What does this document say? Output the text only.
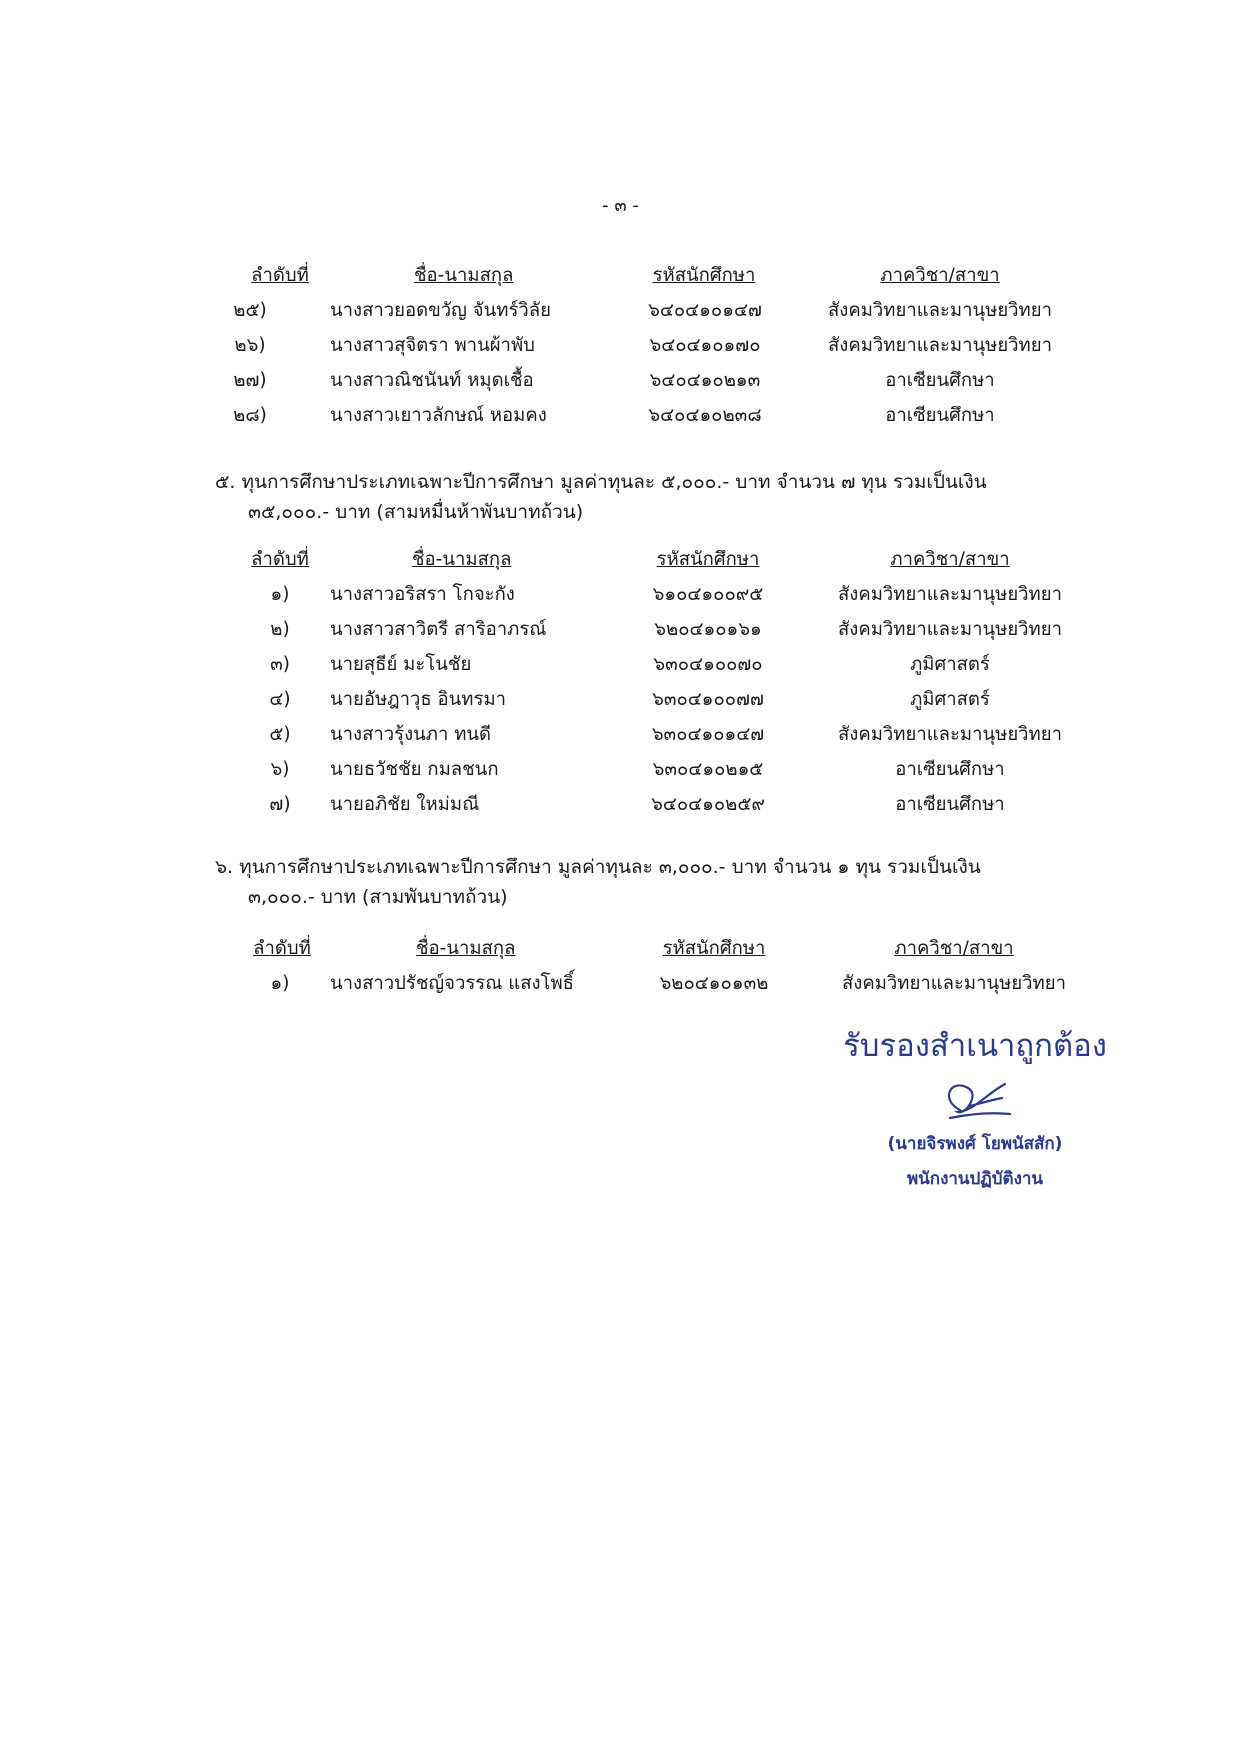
- ๓ -
ลำดับที่	ชื่อ-นามสกุล	รหัสนักศึกษา	ภาควิชา/สาขา
๒๕)	นางสาวยอดขวัญ จันทร์วิลัย	๖๔๐๔๑๐๑๔๗	สังคมวิทยาและมานุษยวิทยา
๒๖)	นางสาวสุจิตรา พานผ้าพับ	๖๔๐๔๑๐๑๗๐	สังคมวิทยาและมานุษยวิทยา
๒๗)	นางสาวณิชนันท์ หมุดเชื้อ	๖๔๐๔๑๐๒๑๓	อาเซียนศึกษา
๒๘)	นางสาวเยาวลักษณ์ หอมคง	๖๔๐๔๑๐๒๓๘	อาเซียนศึกษา
๕. ทุนการศึกษาประเภทเฉพาะปีการศึกษา มูลค่าทุนละ ๕,๐๐๐.- บาท จำนวน ๗ ทุน รวมเป็นเงิน
๓๕,๐๐๐.- บาท (สามหมื่นห้าพันบาทถ้วน)
ลำดับที่	ชื่อ-นามสกุล	รหัสนักศึกษา	ภาควิชา/สาขา
๑)	นางสาวอริสรา โกจะกัง	๖๑๐๔๑๐๐๙๕	สังคมวิทยาและมานุษยวิทยา
๒)	นางสาวสาวิตรี สาริอาภรณ์	๖๒๐๔๑๐๑๖๑	สังคมวิทยาและมานุษยวิทยา
๓)	นายสุธีย์ มะโนชัย	๖๓๐๔๑๐๐๗๐	ภูมิศาสตร์
๔)	นายอัษฎาวุธ อินทรมา	๖๓๐๔๑๐๐๗๗	ภูมิศาสตร์
๕)	นางสาวรุ้งนภา ทนดี	๖๓๐๔๑๐๑๔๗	สังคมวิทยาและมานุษยวิทยา
๖)	นายธวัชชัย กมลชนก	๖๓๐๔๑๐๒๑๕	อาเซียนศึกษา
๗)	นายอภิชัย ใหม่มณี	๖๔๐๔๑๐๒๕๙	อาเซียนศึกษา
๖. ทุนการศึกษาประเภทเฉพาะปีการศึกษา มูลค่าทุนละ ๓,๐๐๐.- บาท จำนวน ๑ ทุน รวมเป็นเงิน
๓,๐๐๐.- บาท (สามพันบาทถ้วน)
ลำดับที่	ชื่อ-นามสกุล	รหัสนักศึกษา	ภาควิชา/สาขา
๑)	นางสาวปรัชญ์จวรรณ แสงโพธิ์	๖๒๐๔๑๐๑๓๒	สังคมวิทยาและมานุษยวิทยา
รับรองสำเนาถูกต้อง
(นายจิรพงศ์ โยพนัสสัก)
พนักงานปฏิบัติงาน
